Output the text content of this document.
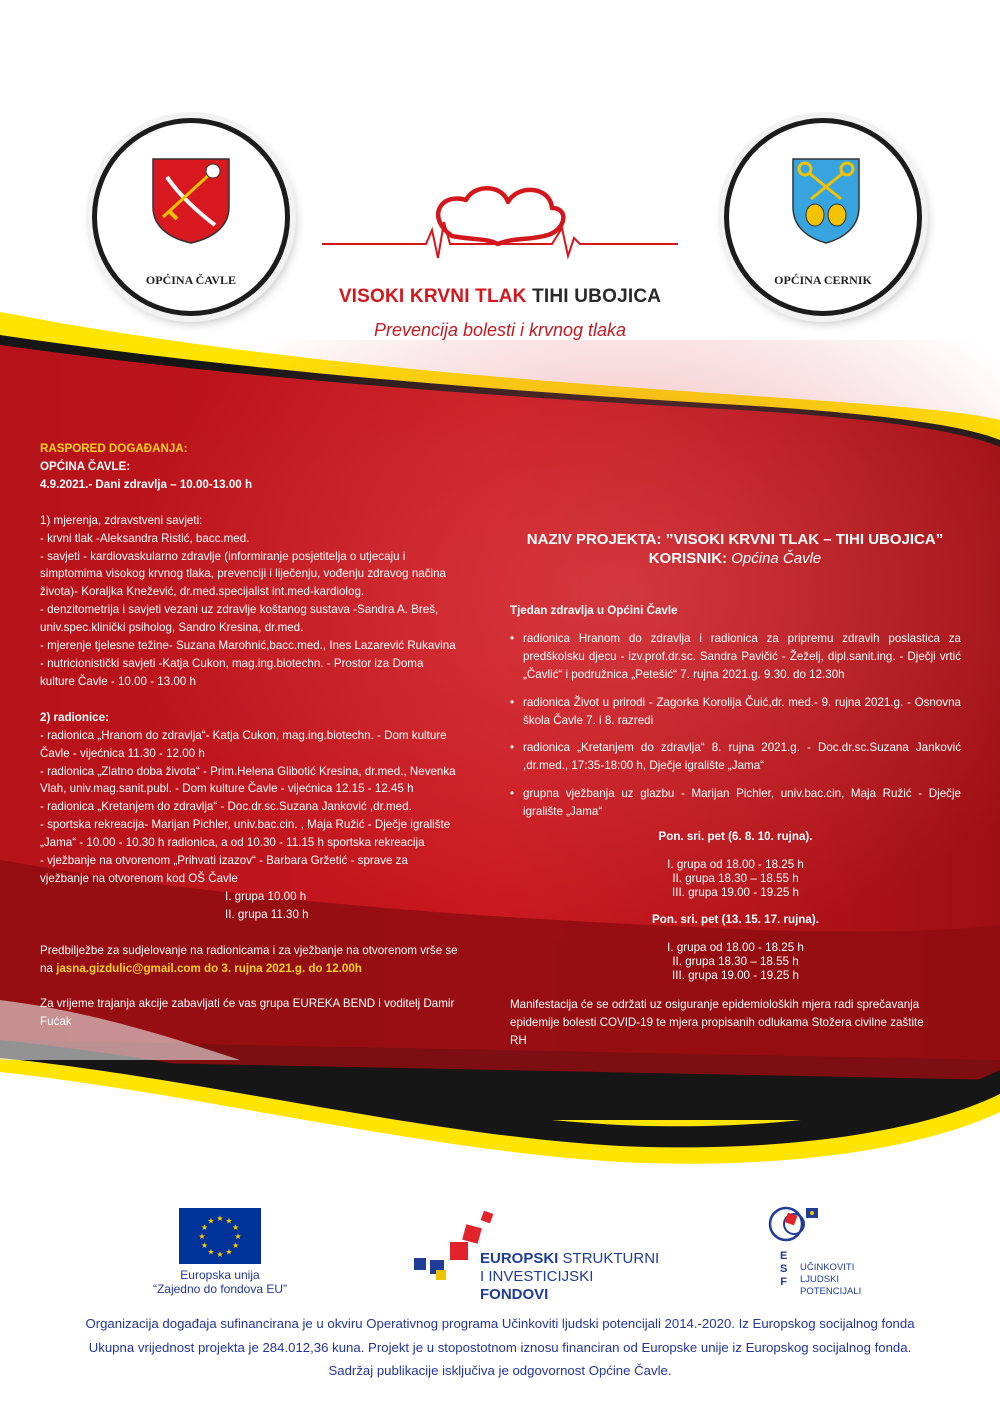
OPĆINA ČAVLE	OPĆINA CERNIK
VISOKI KRVNI TLAK TIHI UBOJICA
Prevencija bolesti i krvnog tlaka
RASPORED DOGAĐANJA:
OPĆINA ČAVLE:
4.9.2021.- Dani zdravlja – 10.00-13.00 h
1) mjerenja, zdravstveni savjeti:
- krvni tlak -Aleksandra Ristić, bacc.med.
- savjeti - kardiovaskularno zdravlje (informiranje posjetitelja o utjecaju i
simptomima visokog krvnog tlaka, prevenciji i liječenju, vođenju zdravog načina
života)- Koraljka Knežević, dr.med.specijalist int.med-kardiolog.
- denzitometrija i savjeti vezani uz zdravlje koštanog sustava -Sandra A. Breš,
univ.spec.klinički psiholog, Sandro Kresina, dr.med.
- mjerenje tjelesne težine- Suzana Marohnić,bacc.med., Ines Lazarević Rukavina
- nutricionistički savjeti -Katja Cukon, mag.ing.biotechn. - Prostor iza Doma
kulture Čavle - 10.00 - 13.00 h
2) radionice:
- radionica „Hranom do zdravlja“- Katja Cukon, mag.ing.biotechn. - Dom kulture
Čavle - vijećnica 11.30 - 12.00 h
- radionica „Zlatno doba života“ - Prim.Helena Glibotić Kresina, dr.med., Nevenka
Vlah, univ.mag.sanit.publ. - Dom kulture Čavle - vijećnica 12.15 - 12.45 h
- radionica „Kretanjem do zdravlja“ - Doc.dr.sc.Suzana Janković ,dr.med.
- sportska rekreacija- Marijan Pichler, univ.bac.cin. , Maja Ružić - Dječje igralište
„Jama“ - 10.00 - 10.30 h radionica, a od 10.30 - 11.15 h sportska rekreacija
- vježbanje na otvorenom „Prihvati izazov“ - Barbara Gržetić - sprave za
vježbanje na otvorenom kod OŠ Čavle
I. grupa 10.00 h
II. grupa 11.30 h
Predbilježbe za sudjelovanje na radionicama i za vježbanje na otvorenom vrše se
na jasna.gizdulic@gmail.com do 3. rujna 2021.g. do 12.00h
Za vrijeme trajanja akcije zabavljati će vas grupa EUREKA BEND i voditelj Damir
Fućak
NAZIV PROJEKTA: ’’VISOKI KRVNI TLAK – TIHI UBOJICA”
KORISNIK: Općina Čavle
Tjedan zdravlja u Općini Čavle
• radionica Hranom do zdravlja i radionica za pripremu zdravih poslastica za predškolsku djecu - izv.prof.dr.sc. Sandra Pavičić - Žeželj, dipl.sanit.ing. - Dječji vrtić „Čavlić“ i podružnica „Petešić“ 7. rujna 2021.g. 9.30. do 12.30h
• radionica Život u prirodi - Zagorka Korolija Čuić,dr. med.- 9. rujna 2021.g. - Osnovna škola Čavle 7. i 8. razredi
• radionica „Kretanjem do zdravlja“ 8. rujna 2021.g. - Doc.dr.sc.Suzana Janković ,dr.med., 17:35-18:00 h, Dječje igralište „Jama“
• grupna vježbanja uz glazbu - Marijan Pichler, univ.bac.cin, Maja Ružić - Dječje igralište „Jama“
Pon. sri. pet (6. 8. 10. rujna).
I. grupa od 18.00 - 18.25 h
II. grupa 18.30 – 18.55 h
III. grupa 19.00 - 19.25 h
Pon. sri. pet (13. 15. 17. rujna).
I. grupa od 18.00 - 18.25 h
II. grupa 18.30 – 18.55 h
III. grupa 19.00 - 19.25 h
Manifestacija će se održati uz osiguranje epidemioloških mjera radi sprečavanja
epidemije bolesti COVID-19 te mjera propisanih odlukama Stožera civilne zaštite
RH
★
★
★
★
★
★
★
★
★ ★ ★
★
Europska unija
“Zajedno do fondova EU”
EUROPSKI STRUKTURNI
I INVESTICIJSKI FONDOVI
E
S
F
UČINKOVITI
LJUDSKI
POTENCIJALI
Organizacija događaja sufinancirana je u okviru Operativnog programa Učinkoviti ljudski potencijali 2014.-2020. Iz Europskog socijalnog fonda
Ukupna vrijednost projekta je 284.012,36 kuna. Projekt je u stopostotnom iznosu financiran od Europske unije iz Europskog socijalnog fonda.
Sadržaj publikacije isključiva je odgovornost Općine Čavle.
